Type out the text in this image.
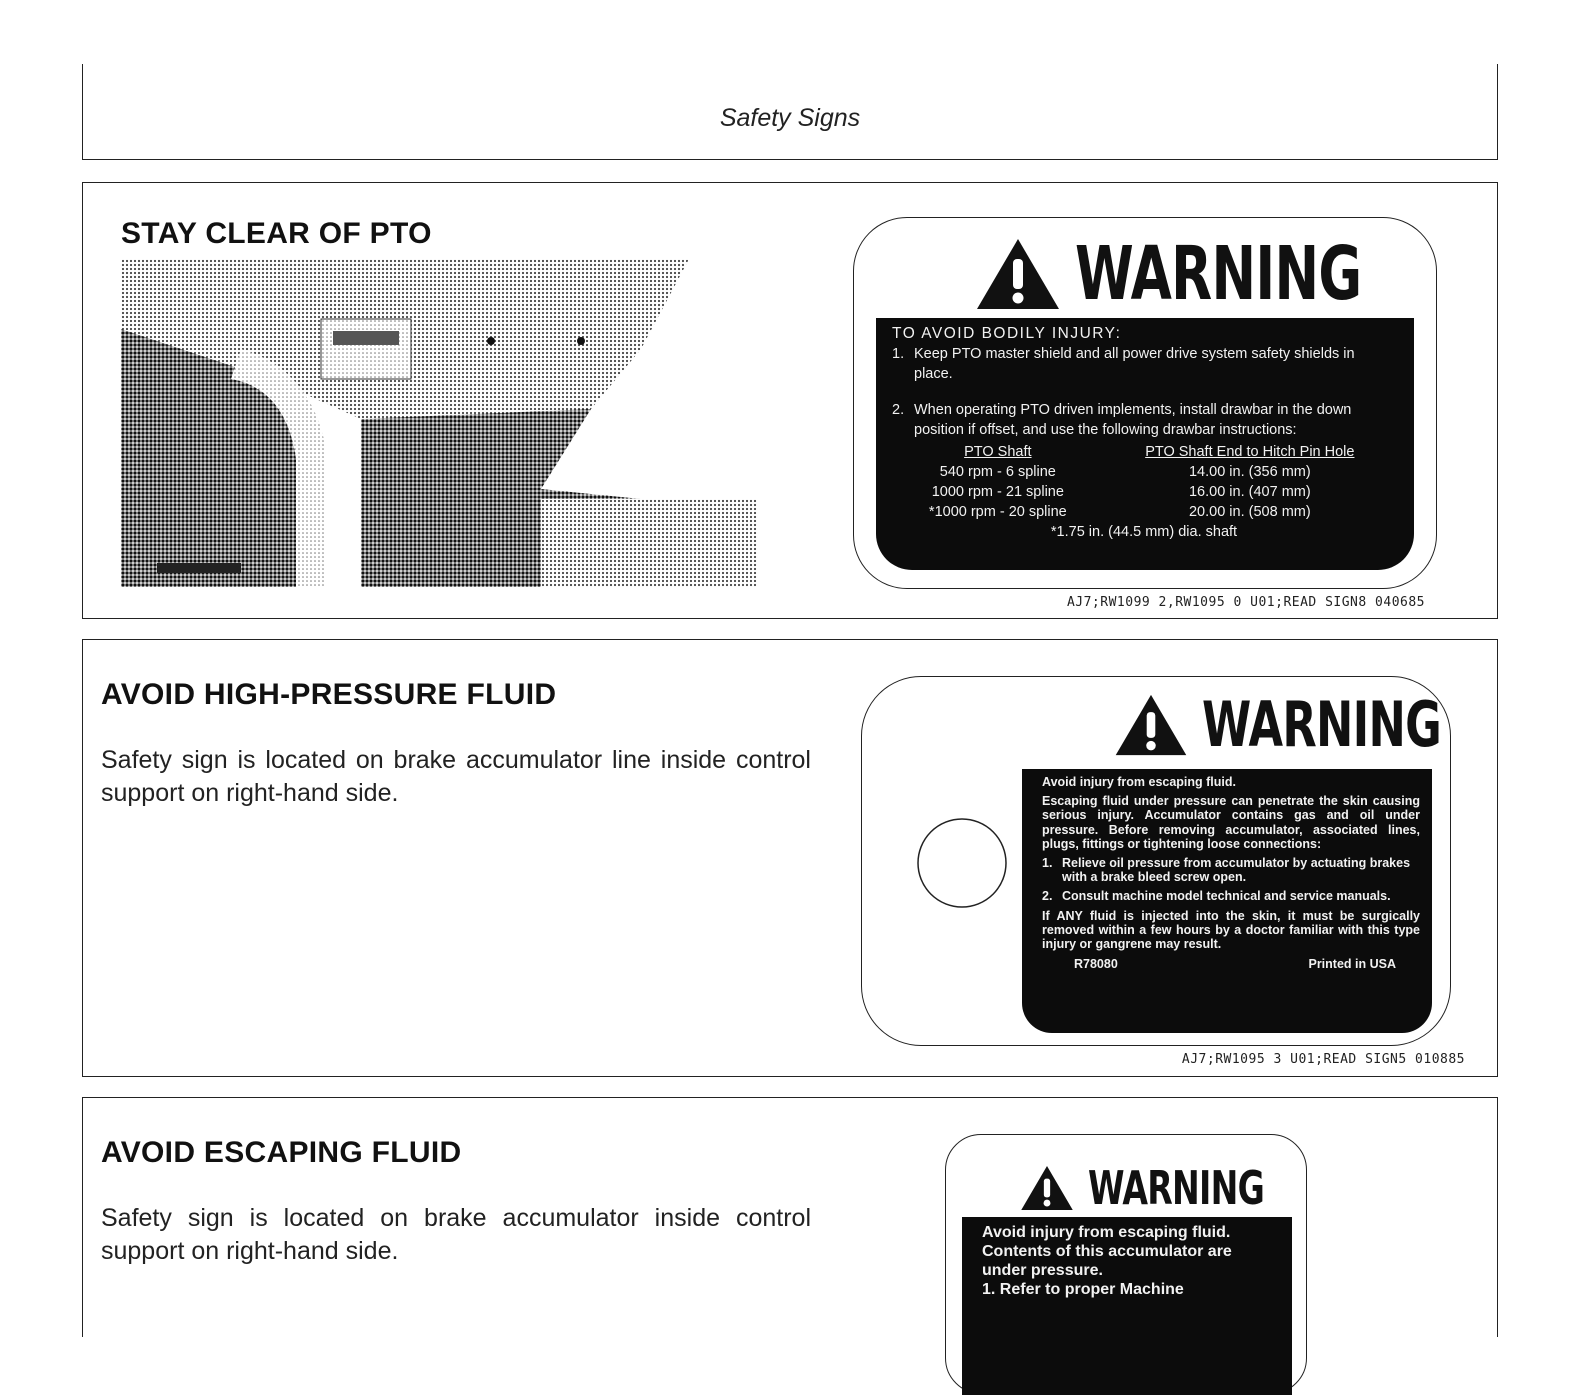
Safety Signs
STAY CLEAR OF PTO	WARNING
TO AVOID BODILY INJURY:
1. Keep PTO master shield and all power drive system safety shields in place.
2. When operating PTO driven implements, install drawbar in the down position if offset, and use the following drawbar instructions:
PTO Shaft	PTO Shaft End to Hitch Pin Hole
540 rpm - 6 spline	14.00 in. (356 mm)
1000 rpm - 21 spline	16.00 in. (407 mm)
*1000 rpm - 20 spline	20.00 in. (508 mm)
*1.75 in. (44.5 mm) dia. shaft	
AJ7;RW1099 2,RW1095 0 U01;READ SIGN8 040685
AVOID HIGH-PRESSURE FLUID
Safety sign is located on brake accumulator line inside control support on right-hand side.
WARNING
Avoid injury from escaping fluid.
Escaping fluid under pressure can penetrate the skin causing serious injury. Accumulator contains gas and oil under pressure. Before removing accumulator, associated lines, plugs, fittings or tightening loose connections:
1. Relieve oil pressure from accumulator by actuating brakes with a brake bleed screw open.
2. Consult machine model technical and service manuals.
If ANY fluid is injected into the skin, it must be surgically removed within a few hours by a doctor familiar with this type injury or gangrene may result.
R78080	Printed in USA
AJ7;RW1095 3 U01;READ SIGN5 010885
AVOID ESCAPING FLUID
Safety sign is located on brake accumulator inside control support on right-hand side.
WARNING
Avoid injury from escaping fluid. Contents of this accumulator are under pressure.
1. Refer to proper Machine
